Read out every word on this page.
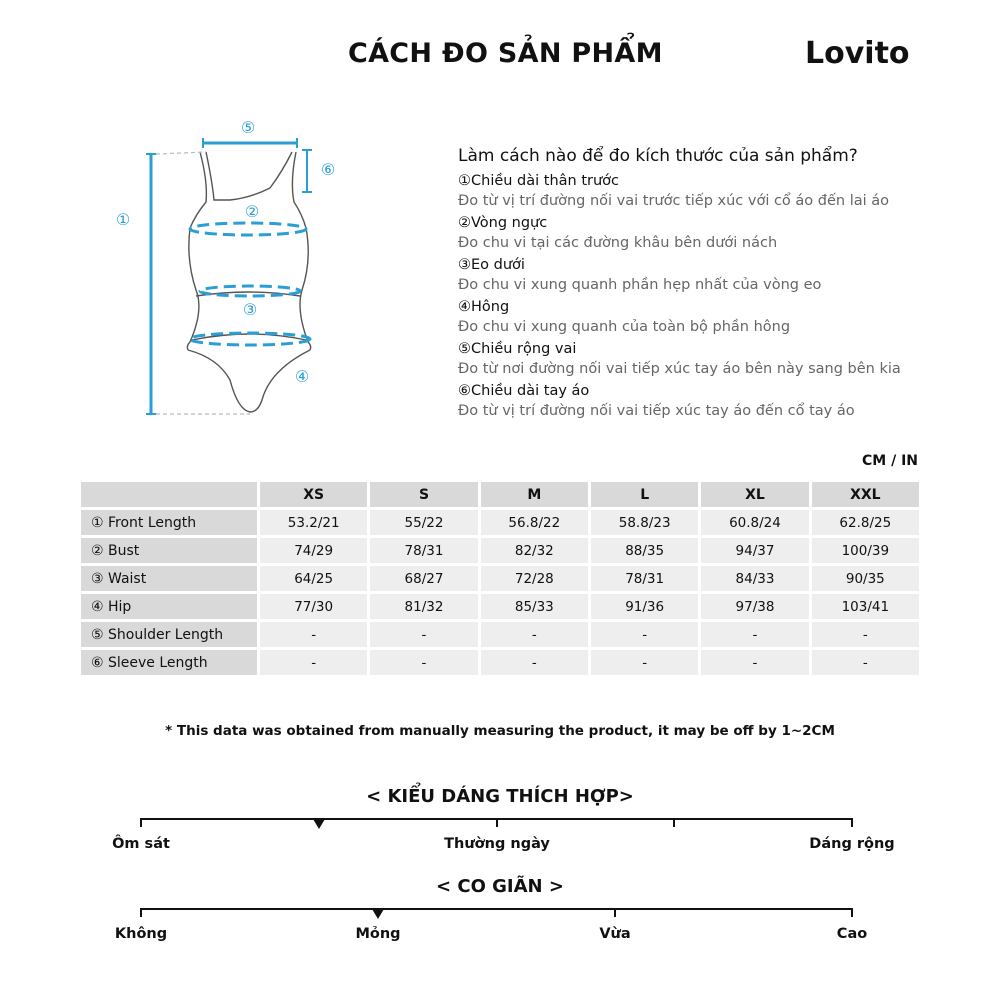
CÁCH ĐO SẢN PHẨM	Lovito
①	②
③
④
⑤
⑥
Làm cách nào để đo kích thước của sản phẩm?
①Chiều dài thân trước
Đo từ vị trí đường nối vai trước tiếp xúc với cổ áo đến lai áo
②Vòng ngực
Đo chu vi tại các đường khâu bên dưới nách
③Eo dưới
Đo chu vi xung quanh phần hẹp nhất của vòng eo
④Hông
Đo chu vi xung quanh của toàn bộ phần hông
⑤Chiều rộng vai
Đo từ nơi đường nối vai tiếp xúc tay áo bên này sang bên kia
⑥Chiều dài tay áo
Đo từ vị trí đường nối vai tiếp xúc tay áo đến cổ tay áo
CM / IN
	XS	S	M	L	XL	XXL
① Front Length	53.2/21	55/22	56.8/22	58.8/23	60.8/24	62.8/25
② Bust	74/29	78/31	82/32	88/35	94/37	100/39
③ Waist	64/25	68/27	72/28	78/31	84/33	90/35
④ Hip	77/30	81/32	85/33	91/36	97/38	103/41
⑤ Shoulder Length	-	-	-	-	-	-
⑥ Sleeve Length	-	-	-	-	-	-
* This data was obtained from manually measuring the product, it may be off by 1~2CM
< KIỂU DÁNG THÍCH HỢP>
Ôm sát	Thường ngày	Dáng rộng
< CO GIÃN >
Không	Mỏng	Vừa	Cao
